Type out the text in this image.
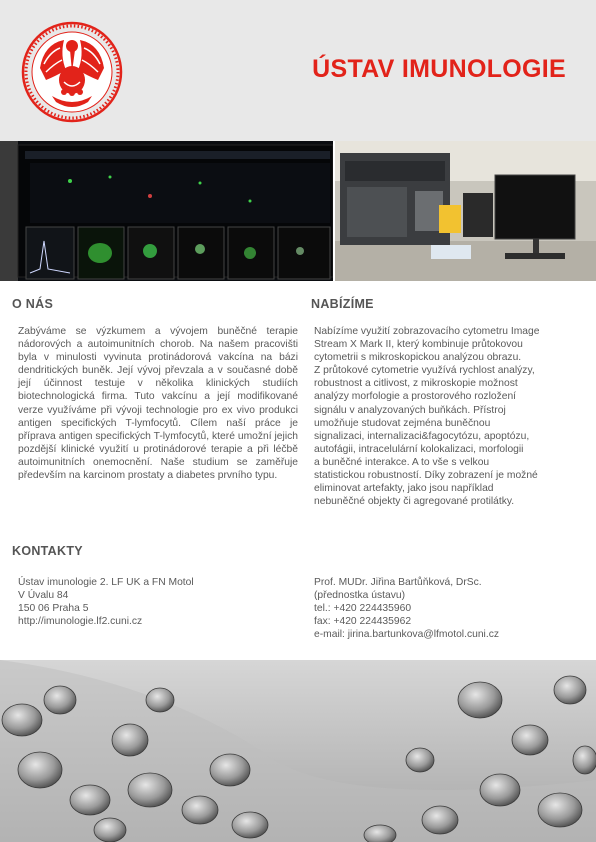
ÚSTAV IMUNOLOGIE
O NÁS

Zabýváme se výzkumem a vývojem buněčné terapie nádorových a autoimunitních chorob. Na našem pracovišti byla v minulosti vyvinuta protinádorová vakcína na bázi dendritických buněk. Její vývoj převzala a v současné době její účinnost testuje v několika klinických studiích biotechnologická firma. Tuto vakcínu a její modifikované verze využíváme při vývoji technologie pro ex vivo produkci antigen specifických T-lymfocytů. Cílem naší práce je příprava antigen specifických T-lymfocytů, které umožní jejich pozdější klinické využití u protinádorové terapie a při léčbě autoimunitních onemocnění. Naše studium se zaměřuje především na karcinom prostaty a diabetes prvního typu.

NABÍZÍME
Nabízíme využití zobrazovacího cytometru Image
Stream X Mark II, který kombinuje průtokovou
cytometrii s mikroskopickou analýzou obrazu.
Z průtokové cytometrie využívá rychlost analýzy,
robustnost a citlivost, z mikroskopie možnost
analýzy morfologie a prostorového rozložení
signálu v analyzovaných buňkách. Přístroj
umožňuje studovat zejména buněčnou
signalizaci, internalizaci&fagocytózu, apoptózu,
autofágii, intracelulární kolokalizaci, morfologii
a buněčné interakce. A to vše s velkou
statistickou robustností. Díky zobrazení je možné
eliminovat artefakty, jako jsou například
nebuněčné objekty či agregované protilátky.
KONTAKTY
Ústav imunologie 2. LF UK a FN Motol
V Úvalu 84
150 06 Praha 5
http://imunologie.lf2.cuni.cz
Prof. MUDr. Jiřina Bartůňková, DrSc.
(přednostka ústavu)
tel.: +420 224435960
fax: +420 224435962
e-mail: jirina.bartunkova@lfmotol.cuni.cz
